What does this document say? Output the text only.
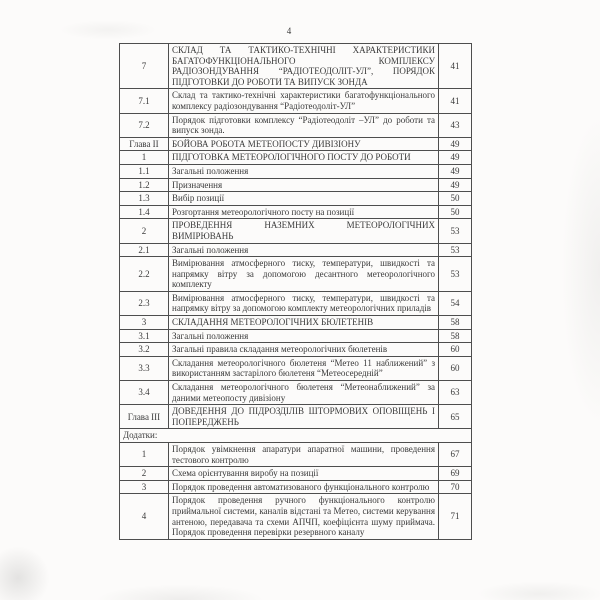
4
7	СКЛАД ТА ТАКТИКО-ТЕХНІЧНІ ХАРАКТЕРИСТИКИ БАГАТОФУНКЦІОНАЛЬНОГО КОМПЛЕКСУ РАДІОЗОНДУВАННЯ “РАДІОТЕОДОЛІТ-УЛ”, ПОРЯДОК ПІДГОТОВКИ ДО РОБОТИ ТА ВИПУСК ЗОНДА	41
7.1	Склад та тактико-технічні характеристики багатофункціонального комплексу радіозондування “Радіотеодоліт-УЛ”	41
7.2	Порядок підготовки комплексу “Радіотеодоліт –УЛ” до роботи та випуск зонда.	43
Глава II	БОЙОВА РОБОТА МЕТЕОПОСТУ ДИВІЗІОНУ	49
1	ПІДГОТОВКА МЕТЕОРОЛОГІЧНОГО ПОСТУ ДО РОБОТИ	49
1.1	Загальні положення	49
1.2	Призначення	49
1.3	Вибір позиції	50
1.4	Розгортання метеорологічного посту на позиції	50
2	ПРОВЕДЕННЯ НАЗЕМНИХ МЕТЕОРОЛОГІЧНИХ ВИМІРЮВАНЬ	53
2.1	Загальні положення	53
2.2	Вимірювання атмосферного тиску, температури, швидкості та напрямку вітру за допомогою десантного метеорологічного комплекту	53
2.3	Вимірювання атмосферного тиску, температури, швидкості та напрямку вітру за допомогою комплекту метеорологічних приладів	54
3	СКЛАДАННЯ МЕТЕОРОЛОГІЧНИХ БЮЛЕТЕНІВ	58
3.1	Загальні положення	58
3.2	Загальні правила складання метеорологічних бюлетенів	60
3.3	Складання метеорологічного бюлетеня “Метео 11 наближений” з використанням застарілого бюлетеня “Метеосередній”	60
3.4	Складання метеорологічного бюлетеня “Метеонаближений” за даними метеопосту дивізіону	63
Глава III	ДОВЕДЕННЯ ДО ПІДРОЗДІЛІВ ШТОРМОВИХ ОПОВІЩЕНЬ І ПОПЕРЕДЖЕНЬ	65
Додатки:		
1	Порядок увімкнення апаратури апаратної машини, проведення тестового контролю	67
2	Схема орієнтування виробу на позиції	69
3	Порядок проведення автоматизованого функціонального контролю	70
4	Порядок проведення ручного функціонального контролю приймальної системи, каналів відстані та Метео, системи керування антеною, передавача та схеми АПЧП, коефіцієнта шуму приймача. Порядок проведення перевірки резервного каналу	71
